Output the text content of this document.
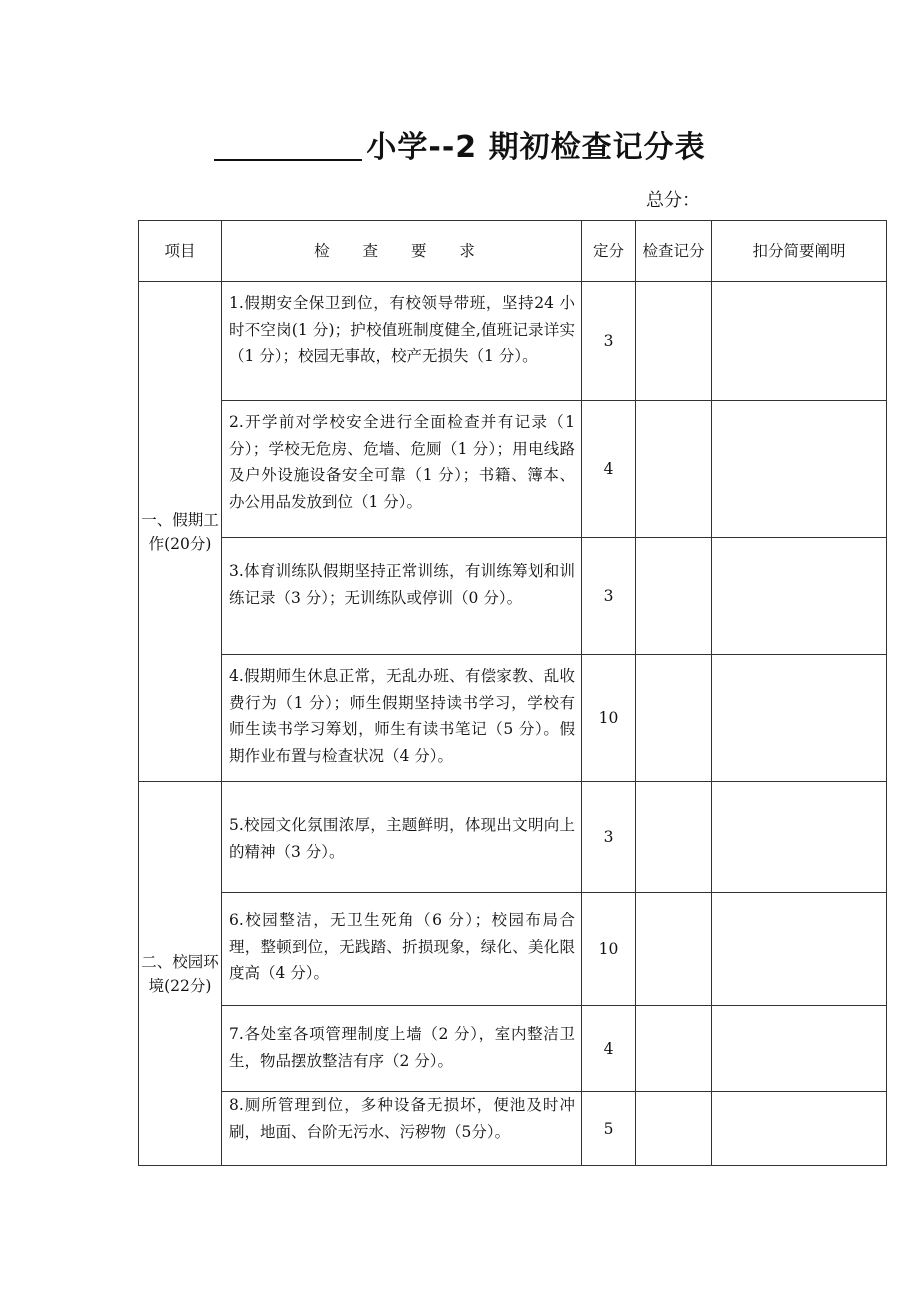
小学--2 期初检查记分表
总分：
项目	检 查 要 求	定分	检查记分	扣分简要阐明
一、假期工作(20分)	1.假期安全保卫到位，有校领导带班，坚持24 小时不空岗(1 分)；护校值班制度健全,值班记录详实（1 分）；校园无事故，校产无损失（1 分）。	3		
	2.开学前对学校安全进行全面检查并有记录（1 分）；学校无危房、危墙、危厕（1 分）；用电线路及户外设施设备安全可靠（1 分）；书籍、簿本、办公用品发放到位（1 分）。	4		
	3.体育训练队假期坚持正常训练，有训练筹划和训练记录（3 分）；无训练队或停训（0 分）。	3		
	4.假期师生休息正常，无乱办班、有偿家教、乱收费行为（1 分）；师生假期坚持读书学习，学校有师生读书学习筹划，师生有读书笔记（5 分）。假期作业布置与检查状况（4 分）。	10		
二、校园环境(22分)	5.校园文化氛围浓厚，主题鲜明，体现出文明向上的精神（3 分）。	3		
	6.校园整洁，无卫生死角（6 分）；校园布局合理，整顿到位，无践踏、折损现象，绿化、美化限度高（4 分）。	10		
	7.各处室各项管理制度上墙（2 分），室内整洁卫生，物品摆放整洁有序（2 分）。	4		
	8.厕所管理到位，多种设备无损坏，便池及时冲刷，地面、台阶无污水、污秽物（5分）。	5		
